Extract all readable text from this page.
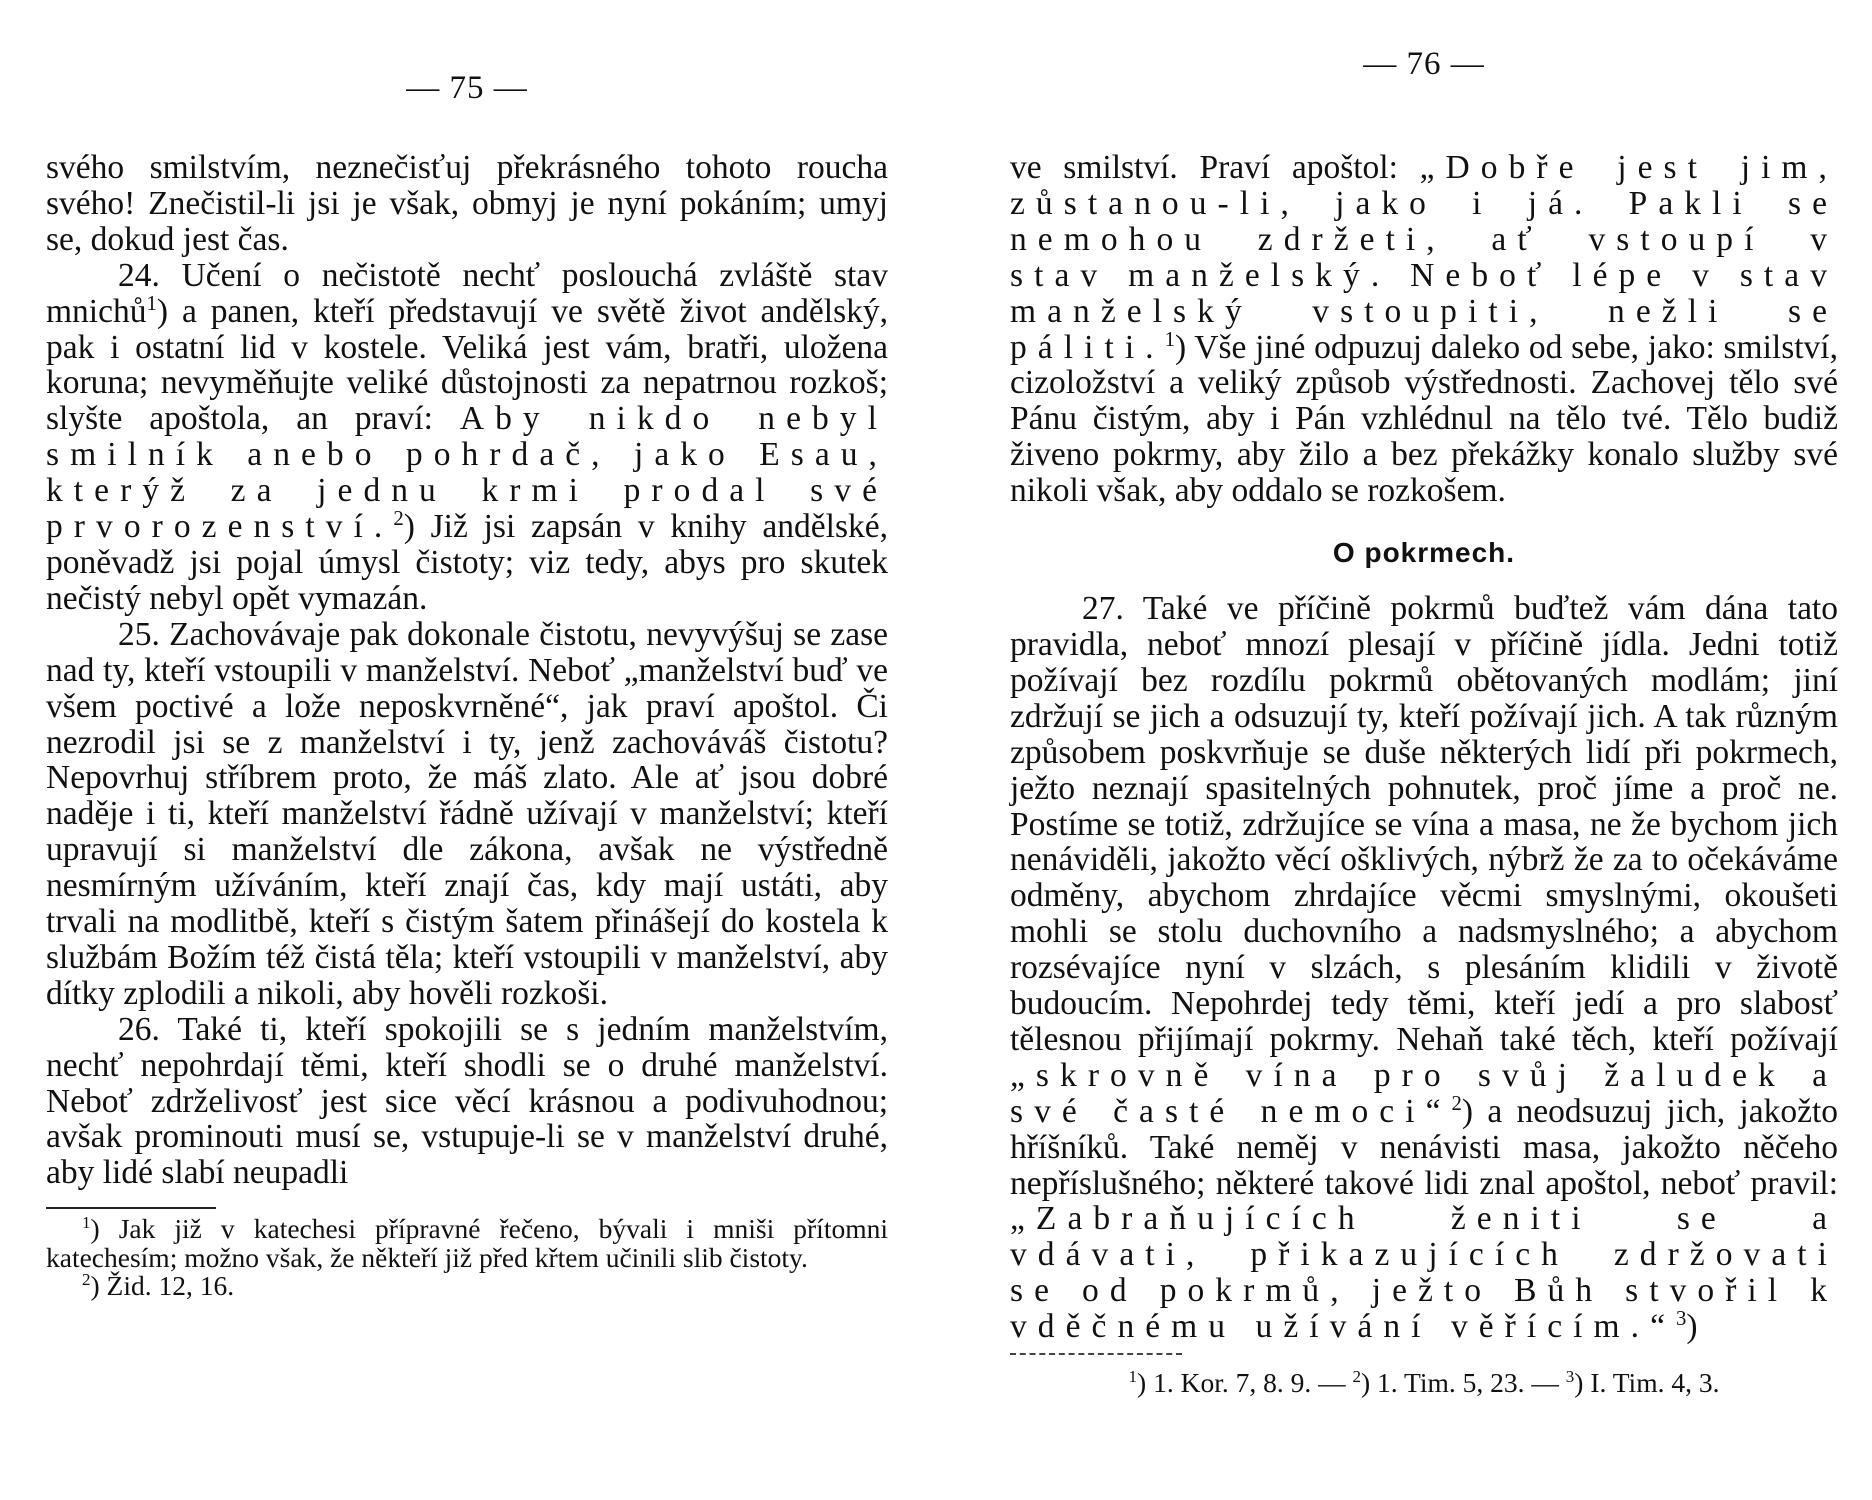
— 75 —

svého smilstvím, neznečisťuj překrásného tohoto roucha svého! Znečistil-li jsi je však, obmyj je nyní pokáním; umyj se, dokud jest čas.

24. Učení o nečistotě nechť poslouchá zvláště stav mnichů$^1$) a panen, kteří představují ve světě život andělský, pak i ostatní lid v kostele. Veliká jest vám, bratři, uložena koruna; nevyměňujte veliké důstojnosti za nepatrnou rozkoš; slyšte apoštola, an praví: Aby nikdo nebyl smilník anebo pohrdač, jako Esau, kterýž za jednu krmi prodal své prvorozenství.$^2$) Již jsi zapsán v knihy andělské, poněvadž jsi pojal úmysl čistoty; viz tedy, abys pro skutek nečistý nebyl opět vymazán.

25. Zachovávaje pak dokonale čistotu, nevyvýšuj se zase nad ty, kteří vstoupili v manželství. Neboť „manželství buď ve všem poctivé a lože neposkvrněné“, jak praví apoštol. Či nezrodil jsi se z manželství i ty, jenž zachováváš čistotu? Nepovrhuj stříbrem proto, že máš zlato. Ale ať jsou dobré naděje i ti, kteří manželství řádně užívají v manželství; kteří upravují si manželství dle zákona, avšak ne výstředně nesmírným užíváním, kteří znají čas, kdy mají ustáti, aby trvali na modlitbě, kteří s čistým šatem přinášejí do kostela k službám Božím též čistá těla; kteří vstoupili v manželství, aby dítky zplodili a nikoli, aby hověli rozkoši.

26. Také ti, kteří spokojili se s jedním manželstvím, nechť nepohrdají těmi, kteří shodli se o druhé manželství. Neboť zdrželivosť jest sice věcí krásnou a podivuhodnou; avšak prominouti musí se, vstupuje-li se v manželství druhé, aby lidé slabí neupadli

$^1$) Jak již v katechesi přípravné řečeno, bývali i mniši přítomni katechesím; možno však, že někteří již před křtem učinili slib čistoty.

$^2$) Žid. 12, 16.

— 76 —

ve smilství. Praví apoštol: „Dobře jest jim, zůstanou-li, jako i já. Pakli se nemohou zdržeti, ať vstoupí v stav manželský. Neboť lépe v stav manželský vstoupiti, nežli se páliti.$^1$) Vše jiné odpuzuj daleko od sebe, jako: smilství, cizoložství a veliký způsob výstřednosti. Zachovej tělo své Pánu čistým, aby i Pán vzhlédnul na tělo tvé. Tělo budiž živeno pokrmy, aby žilo a bez překážky konalo služby své nikoli však, aby oddalo se rozkošem.

O pokrmech.

27. Také ve příčině pokrmů buďtež vám dána tato pravidla, neboť mnozí plesají v příčině jídla. Jedni totiž požívají bez rozdílu pokrmů obětovaných modlám; jiní zdržují se jich a odsuzují ty, kteří požívají jich. A tak různým způsobem poskvrňuje se duše některých lidí při pokrmech, ježto neznají spasitelných pohnutek, proč jíme a proč ne. Postíme se totiž, zdržujíce se vína a masa, ne že bychom jich nenáviděli, jakožto věcí ošklivých, nýbrž že za to očekáváme odměny, abychom zhrdajíce věcmi smyslnými, okoušeti mohli se stolu duchovního a nadsmyslného; a abychom rozsévajíce nyní v slzách, s plesáním klidili v životě budoucím. Nepohrdej tedy těmi, kteří jedí a pro slabosť tělesnou přijímají pokrmy. Nehaň také těch, kteří požívají „skrovně vína pro svůj žaludek a své časté nemoci“$^2$) a neodsuzuj jich, jakožto hříšníků. Také neměj v nenávisti masa, jakožto něčeho nepříslušného; některé takové lidi znal apoštol, neboť pravil: „Zabraňujících ženiti se a vdávati, přikazujících zdržovati se od pokrmů, ježto Bůh stvořil k vděčnému užívání věřícím.“$^3$)

$^1$) 1. Kor. 7, 8. 9. — $^2$) 1. Tim. 5, 23. — $^3$) I. Tim. 4, 3.
